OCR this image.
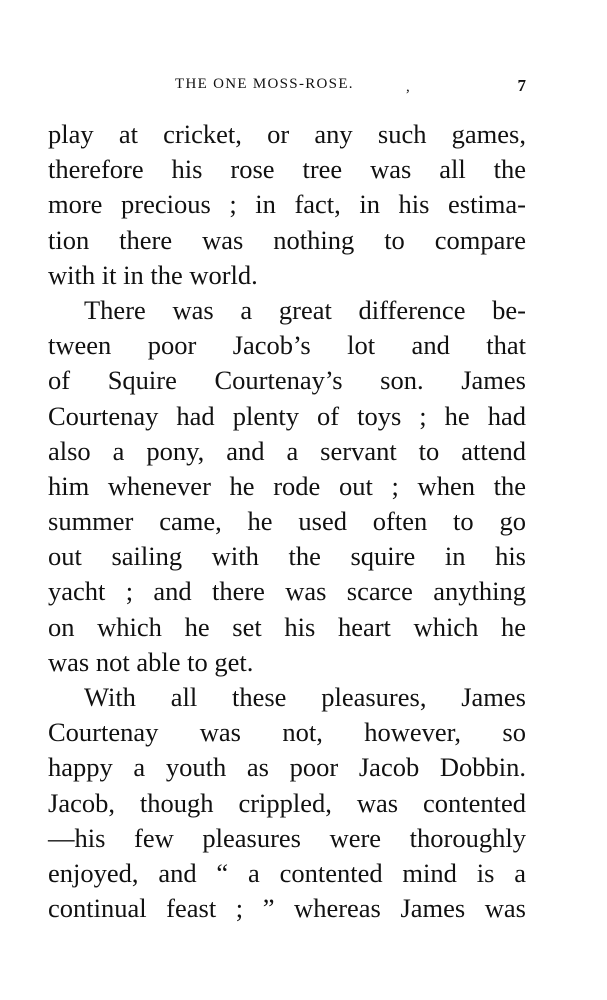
THE ONE MOSS-ROSE.	,	7
play at cricket, or any such games,
therefore his rose tree was all the
more precious ; in fact, in his estima-
tion there was nothing to compare
with it in the world.
There was a great difference be-
tween poor Jacob’s lot and that
of Squire Courtenay’s son. James
Courtenay had plenty of toys ; he had
also a pony, and a servant to attend
him whenever he rode out ; when the
summer came, he used often to go
out sailing with the squire in his
yacht ; and there was scarce anything
on which he set his heart which he
was not able to get.
With all these pleasures, James
Courtenay was not, however, so
happy a youth as poor Jacob Dobbin.
Jacob, though crippled, was contented
—his few pleasures were thoroughly
enjoyed, and “ a contented mind is a
continual feast ; ” whereas James was
